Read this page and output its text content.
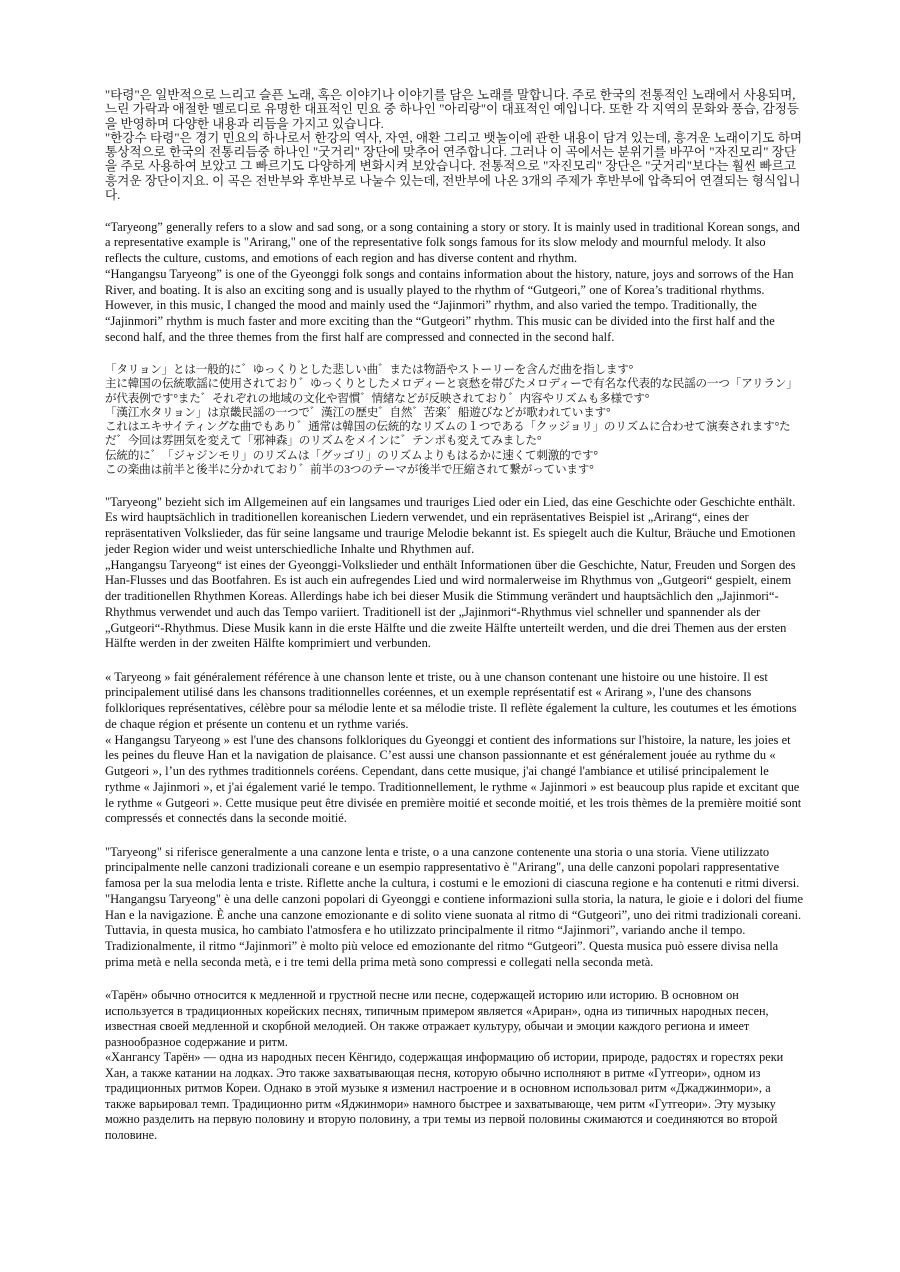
"타령"은 일반적으로 느리고 슬픈 노래, 혹은 이야기나 이야기를 담은 노래를 말합니다. 주로 한국의 전통적인 노래에서 사용되며, 느린 가락과 애절한 멜로디로 유명한 대표적인 민요 중 하나인 "아리랑"이 대표적인 예입니다. 또한 각 지역의 문화와 풍습, 감정등을 반영하며 다양한 내용과 리듬을 가지고 있습니다.

"한강수 타령"은 경기 민요의 하나로서 한강의 역사, 자연, 애환 그리고 뱃놀이에 관한 내용이 담겨 있는데, 흥겨운 노래이기도 하며 통상적으로 한국의 전통리듬중 하나인 "굿거리" 장단에 맞추어 연주합니다. 그러나 이 곡에서는 분위기를 바꾸어 "자진모리" 장단을 주로 사용하여 보았고 그 빠르기도 다양하게 변화시켜 보았습니다. 전통적으로 "자진모리" 장단은 "굿거리"보다는 훨씬 빠르고 흥겨운 장단이지요. 이 곡은 전반부와 후반부로 나눌수 있는데, 전반부에 나온 3개의 주제가 후반부에 압축되어 연결되는 형식입니다.

“Taryeong” generally refers to a slow and sad song, or a song containing a story or story. It is mainly used in traditional Korean songs, and a representative example is "Arirang," one of the representative folk songs famous for its slow melody and mournful melody. It also reflects the culture, customs, and emotions of each region and has diverse content and rhythm.

“Hangangsu Taryeong” is one of the Gyeonggi folk songs and contains information about the history, nature, joys and sorrows of the Han River, and boating. It is also an exciting song and is usually played to the rhythm of “Gutgeori,” one of Korea’s traditional rhythms. However, in this music, I changed the mood and mainly used the “Jajinmori” rhythm, and also varied the tempo. Traditionally, the “Jajinmori” rhythm is much faster and more exciting than the “Gutgeori” rhythm. This music can be divided into the first half and the second half, and the three themes from the first half are compressed and connected in the second half.

「タリョン」とは一般的に゛ゆっくりとした悲しい曲゛または物語やストーリーを含んだ曲を指します°

主に韓国の伝統歌謡に使用されており゛ゆっくりとしたメロディーと哀愁を帯びたメロディーで有名な代表的な民謡の一つ「アリラン」が代表例です°また゛それぞれの地域の文化や習慣゛情緒などが反映されており゛内容やリズムも多様です°

「漢江水タリョン」は京畿民謡の一つで゛漢江の歴史゛自然゛苦楽゛船遊びなどが歌われています°

これはエキサイティングな曲でもあり゛通常は韓国の伝統的なリズムの１つである「クッジョリ」のリズムに合わせて演奏されます°ただ゛今回は雰囲気を変えて「邪神森」のリズムをメインに゛テンポも変えてみました°

伝統的に゛「ジャジンモリ」のリズムは「グッゴリ」のリズムよりもはるかに速くて刺激的です°

この楽曲は前半と後半に分かれており゛前半の3つのテーマが後半で圧縮されて繋がっています°

"Taryeong" bezieht sich im Allgemeinen auf ein langsames und trauriges Lied oder ein Lied, das eine Geschichte oder Geschichte enthält. Es wird hauptsächlich in traditionellen koreanischen Liedern verwendet, und ein repräsentatives Beispiel ist „Arirang“, eines der repräsentativen Volkslieder, das für seine langsame und traurige Melodie bekannt ist. Es spiegelt auch die Kultur, Bräuche und Emotionen jeder Region wider und weist unterschiedliche Inhalte und Rhythmen auf.

„Hangangsu Taryeong“ ist eines der Gyeonggi-Volkslieder und enthält Informationen über die Geschichte, Natur, Freuden und Sorgen des Han-Flusses und das Bootfahren. Es ist auch ein aufregendes Lied und wird normalerweise im Rhythmus von „Gutgeori“ gespielt, einem der traditionellen Rhythmen Koreas. Allerdings habe ich bei dieser Musik die Stimmung verändert und hauptsächlich den „Jajinmori“-Rhythmus verwendet und auch das Tempo variiert. Traditionell ist der „Jajinmori“-Rhythmus viel schneller und spannender als der „Gutgeori“-Rhythmus. Diese Musik kann in die erste Hälfte und die zweite Hälfte unterteilt werden, und die drei Themen aus der ersten Hälfte werden in der zweiten Hälfte komprimiert und verbunden.

« Taryeong » fait généralement référence à une chanson lente et triste, ou à une chanson contenant une histoire ou une histoire. Il est principalement utilisé dans les chansons traditionnelles coréennes, et un exemple représentatif est « Arirang », l'une des chansons folkloriques représentatives, célèbre pour sa mélodie lente et sa mélodie triste. Il reflète également la culture, les coutumes et les émotions de chaque région et présente un contenu et un rythme variés.

« Hangangsu Taryeong » est l'une des chansons folkloriques du Gyeonggi et contient des informations sur l'histoire, la nature, les joies et les peines du fleuve Han et la navigation de plaisance. C’est aussi une chanson passionnante et est généralement jouée au rythme du « Gutgeori », l’un des rythmes traditionnels coréens. Cependant, dans cette musique, j'ai changé l'ambiance et utilisé principalement le rythme « Jajinmori », et j'ai également varié le tempo. Traditionnellement, le rythme « Jajinmori » est beaucoup plus rapide et excitant que le rythme « Gutgeori ». Cette musique peut être divisée en première moitié et seconde moitié, et les trois thèmes de la première moitié sont compressés et connectés dans la seconde moitié.

"Taryeong" si riferisce generalmente a una canzone lenta e triste, o a una canzone contenente una storia o una storia. Viene utilizzato principalmente nelle canzoni tradizionali coreane e un esempio rappresentativo è "Arirang", una delle canzoni popolari rappresentative famosa per la sua melodia lenta e triste. Riflette anche la cultura, i costumi e le emozioni di ciascuna regione e ha contenuti e ritmi diversi.

"Hangangsu Taryeong" è una delle canzoni popolari di Gyeonggi e contiene informazioni sulla storia, la natura, le gioie e i dolori del fiume Han e la navigazione. È anche una canzone emozionante e di solito viene suonata al ritmo di “Gutgeori”, uno dei ritmi tradizionali coreani. Tuttavia, in questa musica, ho cambiato l'atmosfera e ho utilizzato principalmente il ritmo “Jajinmori”, variando anche il tempo. Tradizionalmente, il ritmo “Jajinmori” è molto più veloce ed emozionante del ritmo “Gutgeori”. Questa musica può essere divisa nella prima metà e nella seconda metà, e i tre temi della prima metà sono compressi e collegati nella seconda metà.

«Тарён» обычно относится к медленной и грустной песне или песне, содержащей историю или историю. В основном он используется в традиционных корейских песнях, типичным примером является «Ариран», одна из типичных народных песен, известная своей медленной и скорбной мелодией. Он также отражает культуру, обычаи и эмоции каждого региона и имеет разнообразное содержание и ритм.

«Хангансу Тарён» — одна из народных песен Кёнгидо, содержащая информацию об истории, природе, радостях и горестях реки Хан, а также катании на лодках. Это также захватывающая песня, которую обычно исполняют в ритме «Гутгеори», одном из традиционных ритмов Кореи. Однако в этой музыке я изменил настроение и в основном использовал ритм «Джаджинмори», а также варьировал темп. Традиционно ритм «Яджинмори» намного быстрее и захватывающе, чем ритм «Гутгеори». Эту музыку можно разделить на первую половину и вторую половину, а три темы из первой половины сжимаются и соединяются во второй половине.
